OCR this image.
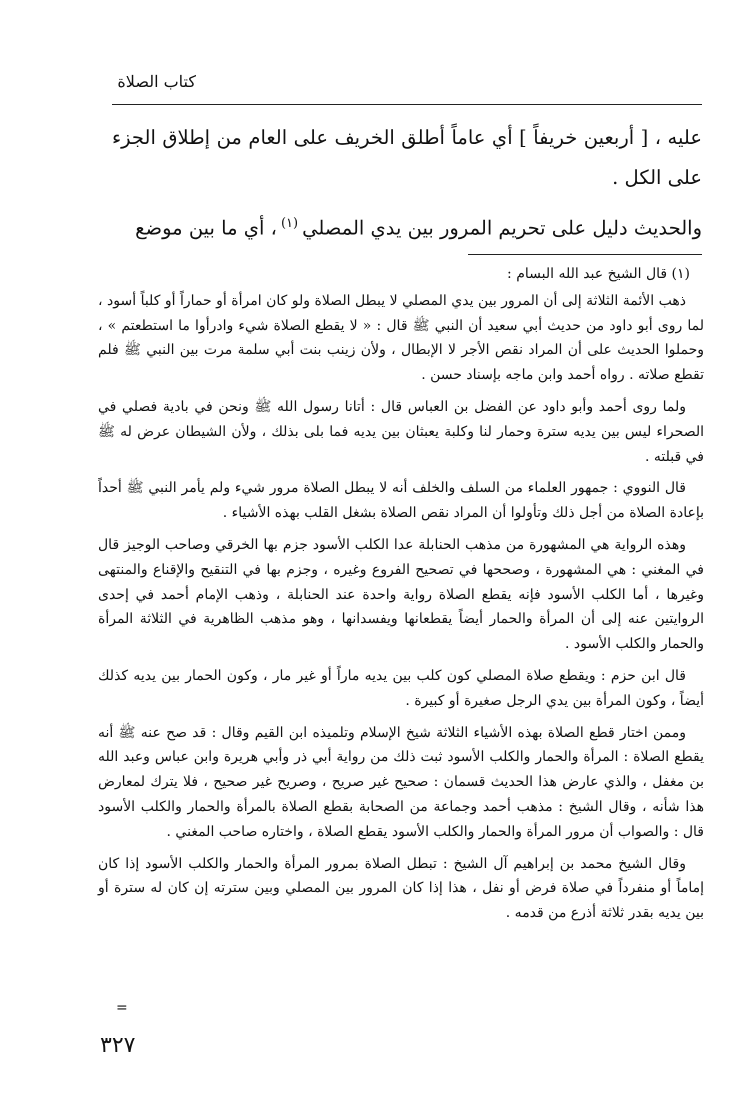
كتاب الصلاة

عليه ، [ أربعين خريفاً ] أي عاماً أطلق الخريف على العام من إطلاق الجزء على الكل .

والحديث دليل على تحريم المرور بين يدي المصلي$^{(١)}$، أي ما بين موضع

(١) قال الشيخ عبد الله البسام :

ذهب الأئمة الثلاثة إلى أن المرور بين يدي المصلي لا يبطل الصلاة ولو كان امرأة أو حماراً أو كلباً أسود ، لما روى أبو داود من حديث أبي سعيد أن النبي ﷺ قال : « لا يقطع الصلاة شيء وادرأوا ما استطعتم » ، وحملوا الحديث على أن المراد نقص الأجر لا الإبطال ، ولأن زينب بنت أبي سلمة مرت بين النبي ﷺ فلم تقطع صلاته . رواه أحمد وابن ماجه بإسناد حسن .

ولما روى أحمد وأبو داود عن الفضل بن العباس قال : أتانا رسول الله ﷺ ونحن في بادية فصلي في الصحراء ليس بين يديه سترة وحمار لنا وكلبة يعبثان بين يديه فما بلى بذلك ، ولأن الشيطان عرض له ﷺ في قبلته .

قال النووي : جمهور العلماء من السلف والخلف أنه لا يبطل الصلاة مرور شيء ولم يأمر النبي ﷺ أحداً بإعادة الصلاة من أجل ذلك وتأولوا أن المراد نقص الصلاة بشغل القلب بهذه الأشياء .

وهذه الرواية هي المشهورة من مذهب الحنابلة عدا الكلب الأسود جزم بها الخرقي وصاحب الوجيز قال في المغني : هي المشهورة ، وصححها في تصحيح الفروع وغيره ، وجزم بها في التنقيح والإقناع والمنتهى وغيرها ، أما الكلب الأسود فإنه يقطع الصلاة رواية واحدة عند الحنابلة ، وذهب الإمام أحمد في إحدى الروايتين عنه إلى أن المرأة والحمار أيضاً يقطعانها ويفسدانها ، وهو مذهب الظاهرية في الثلاثة المرأة والحمار والكلب الأسود .

قال ابن حزم : ويقطع صلاة المصلي كون كلب بين يديه ماراً أو غير مار ، وكون الحمار بين يديه كذلك أيضاً ، وكون المرأة بين يدي الرجل صغيرة أو كبيرة .

وممن اختار قطع الصلاة بهذه الأشياء الثلاثة شيخ الإسلام وتلميذه ابن القيم وقال : قد صح عنه ﷺ أنه يقطع الصلاة : المرأة والحمار والكلب الأسود ثبت ذلك من رواية أبي ذر وأبي هريرة وابن عباس وعبد الله بن مغفل ، والذي عارض هذا الحديث قسمان : صحيح غير صريح ، وصريح غير صحيح ، فلا يترك لمعارض هذا شأنه ، وقال الشيخ : مذهب أحمد وجماعة من الصحابة بقطع الصلاة بالمرأة والحمار والكلب الأسود قال : والصواب أن مرور المرأة والحمار والكلب الأسود يقطع الصلاة ، واختاره صاحب المغني .

وقال الشيخ محمد بن إبراهيم آل الشيخ : تبطل الصلاة بمرور المرأة والحمار والكلب الأسود إذا كان إماماً أو منفرداً في صلاة فرض أو نفل ، هذا إذا كان المرور بين المصلي وبين سترته إن كان له سترة أو بين يديه بقدر ثلاثة أذرع من قدمه .

=
٣٢٧
